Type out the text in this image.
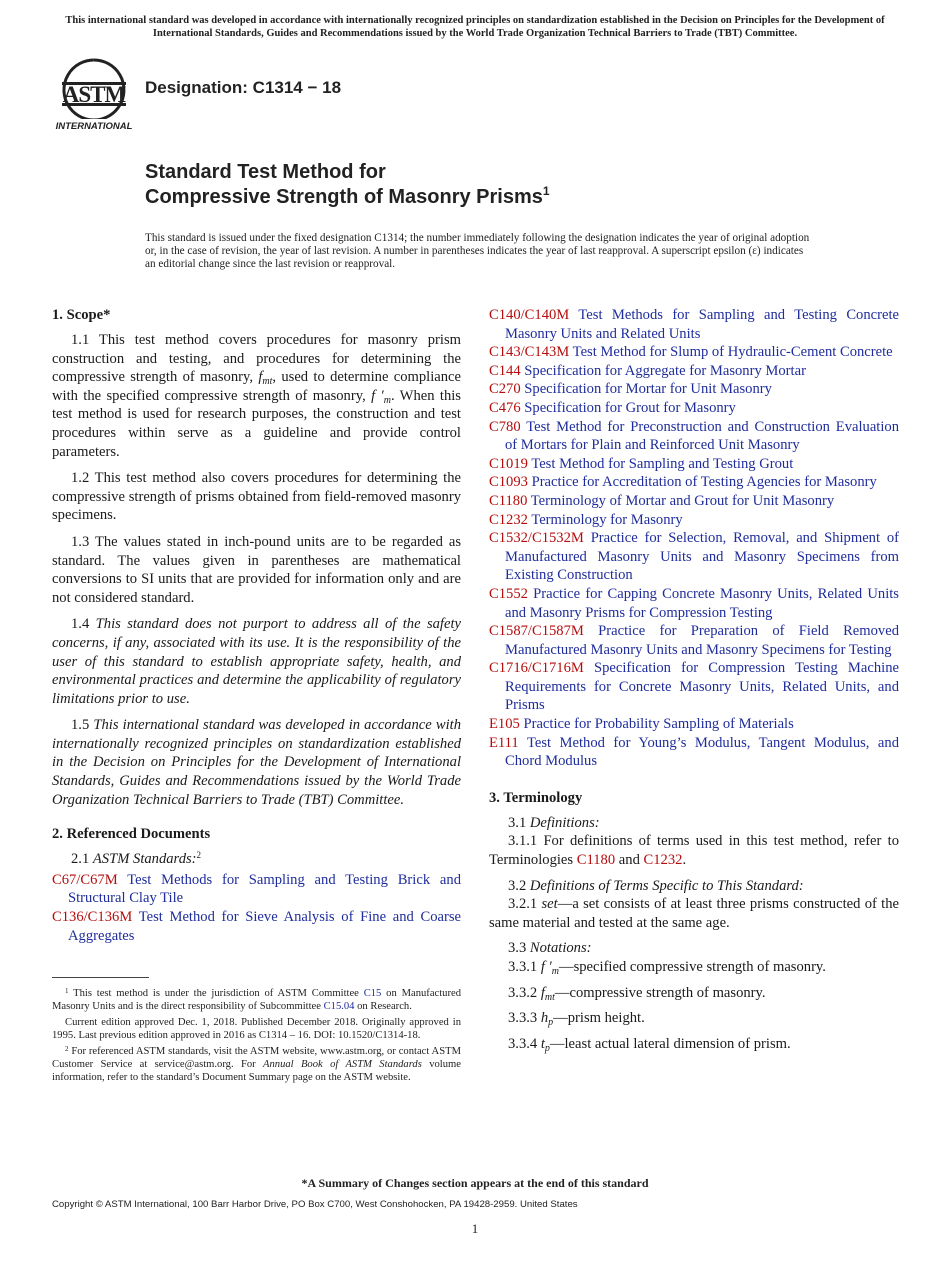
This international standard was developed in accordance with internationally recognized principles on standardization established in the Decision on Principles for the Development of International Standards, Guides and Recommendations issued by the World Trade Organization Technical Barriers to Trade (TBT) Committee.
ASTM
INTERNATIONAL
Designation: C1314 − 18
Standard Test Method for
Compressive Strength of Masonry Prisms$^1$
This standard is issued under the fixed designation C1314; the number immediately following the designation indicates the year of original adoption or, in the case of revision, the year of last revision. A number in parentheses indicates the year of last reapproval. A superscript epsilon (ε) indicates an editorial change since the last revision or reapproval.
1. Scope*

1.1 This test method covers procedures for masonry prism construction and testing, and procedures for determining the compressive strength of masonry, $f_{mt}$, used to determine compliance with the specified compressive strength of masonry, f $'_m$. When this test method is used for research purposes, the construction and test procedures within serve as a guideline and provide control parameters.

1.2 This test method also covers procedures for determining the compressive strength of prisms obtained from field-removed masonry specimens.

1.3 The values stated in inch-pound units are to be regarded as standard. The values given in parentheses are mathematical conversions to SI units that are provided for information only and are not considered standard.

1.4 This standard does not purport to address all of the safety concerns, if any, associated with its use. It is the responsibility of the user of this standard to establish appropriate safety, health, and environmental practices and determine the applicability of regulatory limitations prior to use.

1.5 This international standard was developed in accordance with internationally recognized principles on standardization established in the Decision on Principles for the Development of International Standards, Guides and Recommendations issued by the World Trade Organization Technical Barriers to Trade (TBT) Committee.

2. Referenced Documents

2.1 ASTM Standards:$^2$

C67/C67M Test Methods for Sampling and Testing Brick and Structural Clay Tile
C136/C136M Test Method for Sieve Analysis of Fine and Coarse Aggregates
C140/C140M Test Methods for Sampling and Testing Concrete Masonry Units and Related Units
C143/C143M Test Method for Slump of Hydraulic-Cement Concrete
C144 Specification for Aggregate for Masonry Mortar
C270 Specification for Mortar for Unit Masonry
C476 Specification for Grout for Masonry
C780 Test Method for Preconstruction and Construction Evaluation of Mortars for Plain and Reinforced Unit Masonry
C1019 Test Method for Sampling and Testing Grout
C1093 Practice for Accreditation of Testing Agencies for Masonry
C1180 Terminology of Mortar and Grout for Unit Masonry
C1232 Terminology for Masonry
C1532/C1532M Practice for Selection, Removal, and Shipment of Manufactured Masonry Units and Masonry Specimens from Existing Construction
C1552 Practice for Capping Concrete Masonry Units, Related Units and Masonry Prisms for Compression Testing
C1587/C1587M Practice for Preparation of Field Removed Manufactured Masonry Units and Masonry Specimens for Testing
C1716/C1716M Specification for Compression Testing Machine Requirements for Concrete Masonry Units, Related Units, and Prisms
E105 Practice for Probability Sampling of Materials
E111 Test Method for Young’s Modulus, Tangent Modulus, and Chord Modulus
3. Terminology
3.1 Definitions:
3.1.1 For definitions of terms used in this test method, refer to Terminologies C1180 and C1232.
3.2 Definitions of Terms Specific to This Standard:
3.2.1 set—a set consists of at least three prisms constructed of the same material and tested at the same age.
3.3 Notations:
3.3.1 f $'_m—specified$ compressive strength of masonry.
3.3.2 $f_{mt}—compressive$ strength of masonry.
3.3.3 $h_p—prism$ height.
3.3.4 $t_p—least$ actual lateral dimension of prism.

$^1$ This test method is under the jurisdiction of ASTM Committee C15 on Manufactured Masonry Units and is the direct responsibility of Subcommittee C15.04 on Research.

Current edition approved Dec. 1, 2018. Published December 2018. Originally approved in 1995. Last previous edition approved in 2016 as C1314 – 16. DOI: 10.1520/C1314-18.

$^2$ For referenced ASTM standards, visit the ASTM website, www.astm.org, or contact ASTM Customer Service at service@astm.org. For Annual Book of ASTM Standards volume information, refer to the standard’s Document Summary page on the ASTM website.

*A Summary of Changes section appears at the end of this standard
Copyright © ASTM International, 100 Barr Harbor Drive, PO Box C700, West Conshohocken, PA 19428-2959. United States
1
